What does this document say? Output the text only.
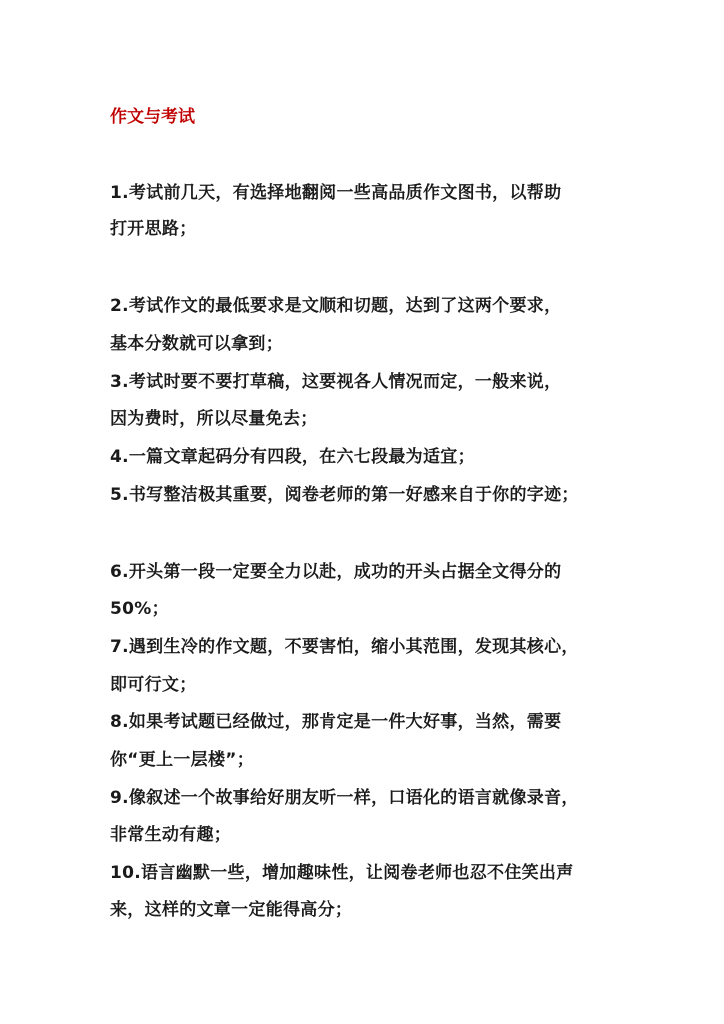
作文与考试
1.考试前几天，有选择地翻阅一些高品质作文图书，以帮助
打开思路；
2.考试作文的最低要求是文顺和切题，达到了这两个要求，
基本分数就可以拿到；
3.考试时要不要打草稿，这要视各人情况而定，一般来说，
因为费时，所以尽量免去；
4.一篇文章起码分有四段，在六七段最为适宜；
5.书写整洁极其重要，阅卷老师的第一好感来自于你的字迹；
6.开头第一段一定要全力以赴，成功的开头占据全文得分的
50%；
7.遇到生冷的作文题，不要害怕，缩小其范围，发现其核心，
即可行文；
8.如果考试题已经做过，那肯定是一件大好事，当然，需要
你“更上一层楼”；
9.像叙述一个故事给好朋友听一样，口语化的语言就像录音，
非常生动有趣；
10.语言幽默一些，增加趣味性，让阅卷老师也忍不住笑出声
来，这样的文章一定能得高分；
